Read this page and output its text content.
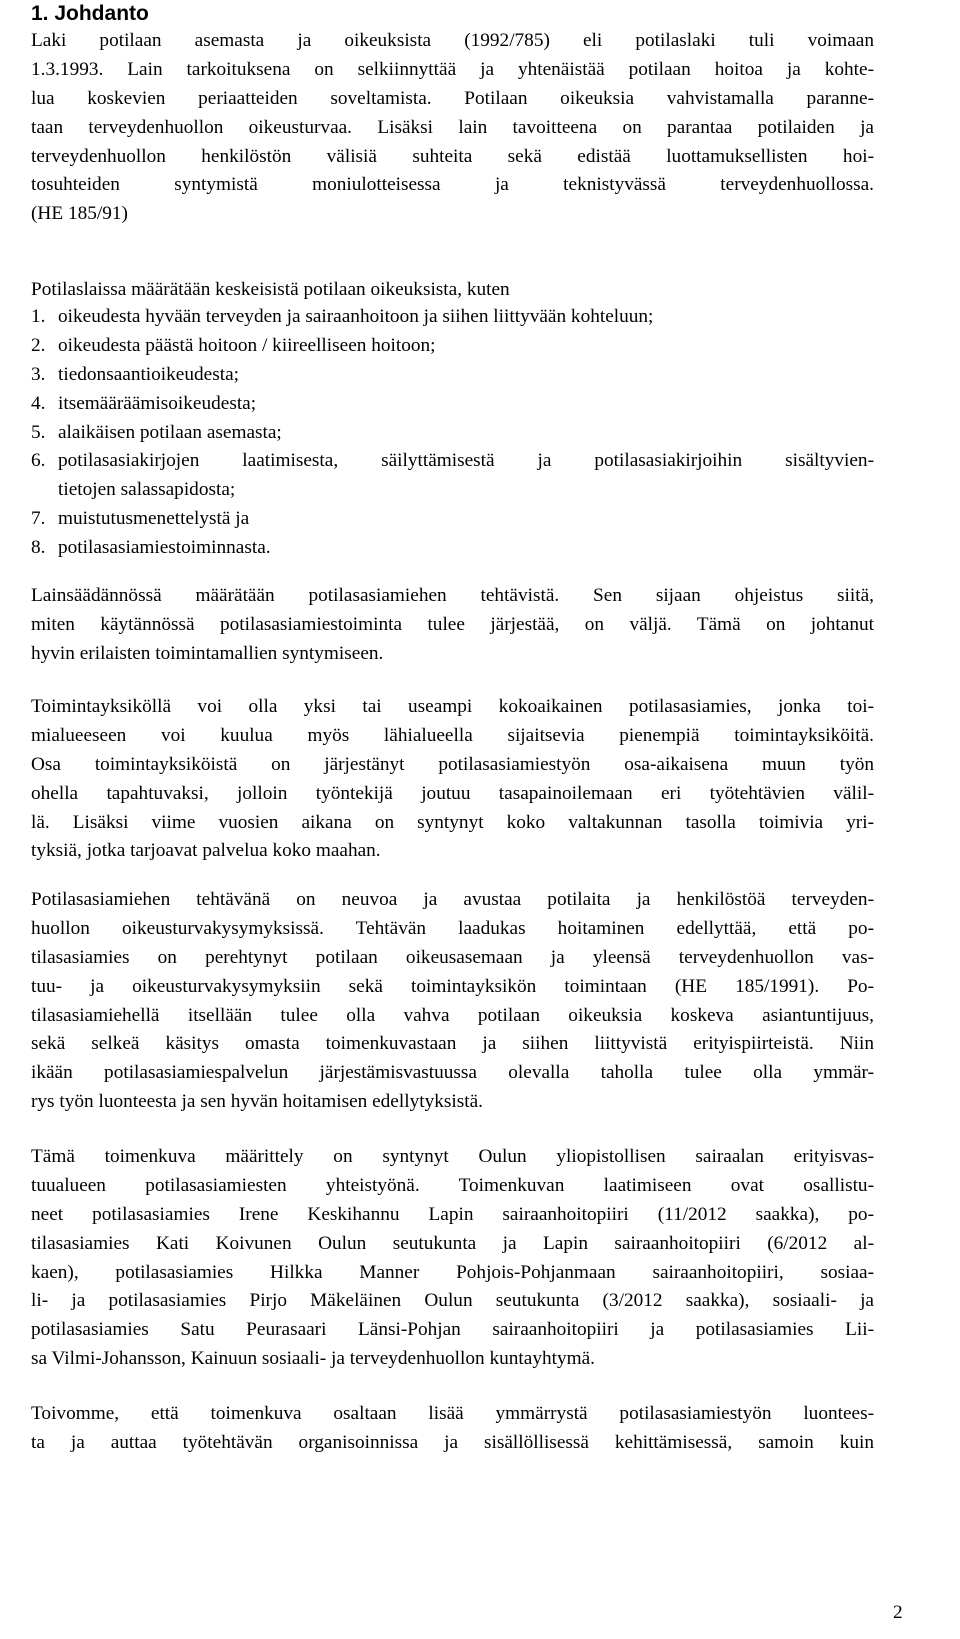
1. Johdanto
Laki potilaan asemasta ja oikeuksista (1992/785) eli potilaslaki tuli voimaan
1.3.1993. Lain tarkoituksena on selkiinnyttää ja yhtenäistää potilaan hoitoa ja kohte-
lua koskevien periaatteiden soveltamista. Potilaan oikeuksia vahvistamalla paranne-
taan terveydenhuollon oikeusturvaa. Lisäksi lain tavoitteena on parantaa potilaiden ja
terveydenhuollon henkilöstön välisiä suhteita sekä edistää luottamuksellisten hoi-
tosuhteiden syntymistä moniulotteisessa ja teknistyvässä terveydenhuollossa.
(HE 185/91)
Potilaslaissa määrätään keskeisistä potilaan oikeuksista, kuten
1. oikeudesta hyvään terveyden ja sairaanhoitoon ja siihen liittyvään kohteluun;
2. oikeudesta päästä hoitoon / kiireelliseen hoitoon;
3. tiedonsaantioikeudesta;
4. itsemääräämisoikeudesta;
5. alaikäisen potilaan asemasta;
6. potilasasiakirjojen laatimisesta, säilyttämisestä ja potilasasiakirjoihin sisältyvien-
tietojen salassapidosta;
7. muistutusmenettelystä ja
8. potilasasiamiestoiminnasta.
Lainsäädännössä määrätään potilasasiamiehen tehtävistä. Sen sijaan ohjeistus siitä,
miten käytännössä potilasasiamiestoiminta tulee järjestää, on väljä. Tämä on johtanut
hyvin erilaisten toimintamallien syntymiseen.
Toimintayksiköllä voi olla yksi tai useampi kokoaikainen potilasasiamies, jonka toi-
mialueeseen voi kuulua myös lähialueella sijaitsevia pienempiä toimintayksiköitä.
Osa toimintayksiköistä on järjestänyt potilasasiamiestyön osa-aikaisena muun työn
ohella tapahtuvaksi, jolloin työntekijä joutuu tasapainoilemaan eri työtehtävien välil-
lä. Lisäksi viime vuosien aikana on syntynyt koko valtakunnan tasolla toimivia yri-
tyksiä, jotka tarjoavat palvelua koko maahan.
Potilasasiamiehen tehtävänä on neuvoa ja avustaa potilaita ja henkilöstöä terveyden-
huollon oikeusturvakysymyksissä. Tehtävän laadukas hoitaminen edellyttää, että po-
tilasasiamies on perehtynyt potilaan oikeusasemaan ja yleensä terveydenhuollon vas-
tuu- ja oikeusturvakysymyksiin sekä toimintayksikön toimintaan (HE 185/1991). Po-
tilasasiamiehellä itsellään tulee olla vahva potilaan oikeuksia koskeva asiantuntijuus,
sekä selkeä käsitys omasta toimenkuvastaan ja siihen liittyvistä erityispiirteistä. Niin
ikään potilasasiamiespalvelun järjestämisvastuussa olevalla taholla tulee olla ymmär-
rys työn luonteesta ja sen hyvän hoitamisen edellytyksistä.
Tämä toimenkuva määrittely on syntynyt Oulun yliopistollisen sairaalan erityisvas-
tuualueen potilasasiamiesten yhteistyönä. Toimenkuvan laatimiseen ovat osallistu-
neet potilasasiamies Irene Keskihannu Lapin sairaanhoitopiiri (11/2012 saakka), po-
tilasasiamies Kati Koivunen Oulun seutukunta ja Lapin sairaanhoitopiiri (6/2012 al-
kaen), potilasasiamies Hilkka Manner Pohjois-Pohjanmaan sairaanhoitopiiri, sosiaa-
li- ja potilasasiamies Pirjo Mäkeläinen Oulun seutukunta (3/2012 saakka), sosiaali- ja
potilasasiamies Satu Peurasaari Länsi-Pohjan sairaanhoitopiiri ja potilasasiamies Lii-
sa Vilmi-Johansson, Kainuun sosiaali- ja terveydenhuollon kuntayhtymä.
Toivomme, että toimenkuva osaltaan lisää ymmärrystä potilasasiamiestyön luontees-
ta ja auttaa työtehtävän organisoinnissa ja sisällöllisessä kehittämisessä, samoin kuin
2
